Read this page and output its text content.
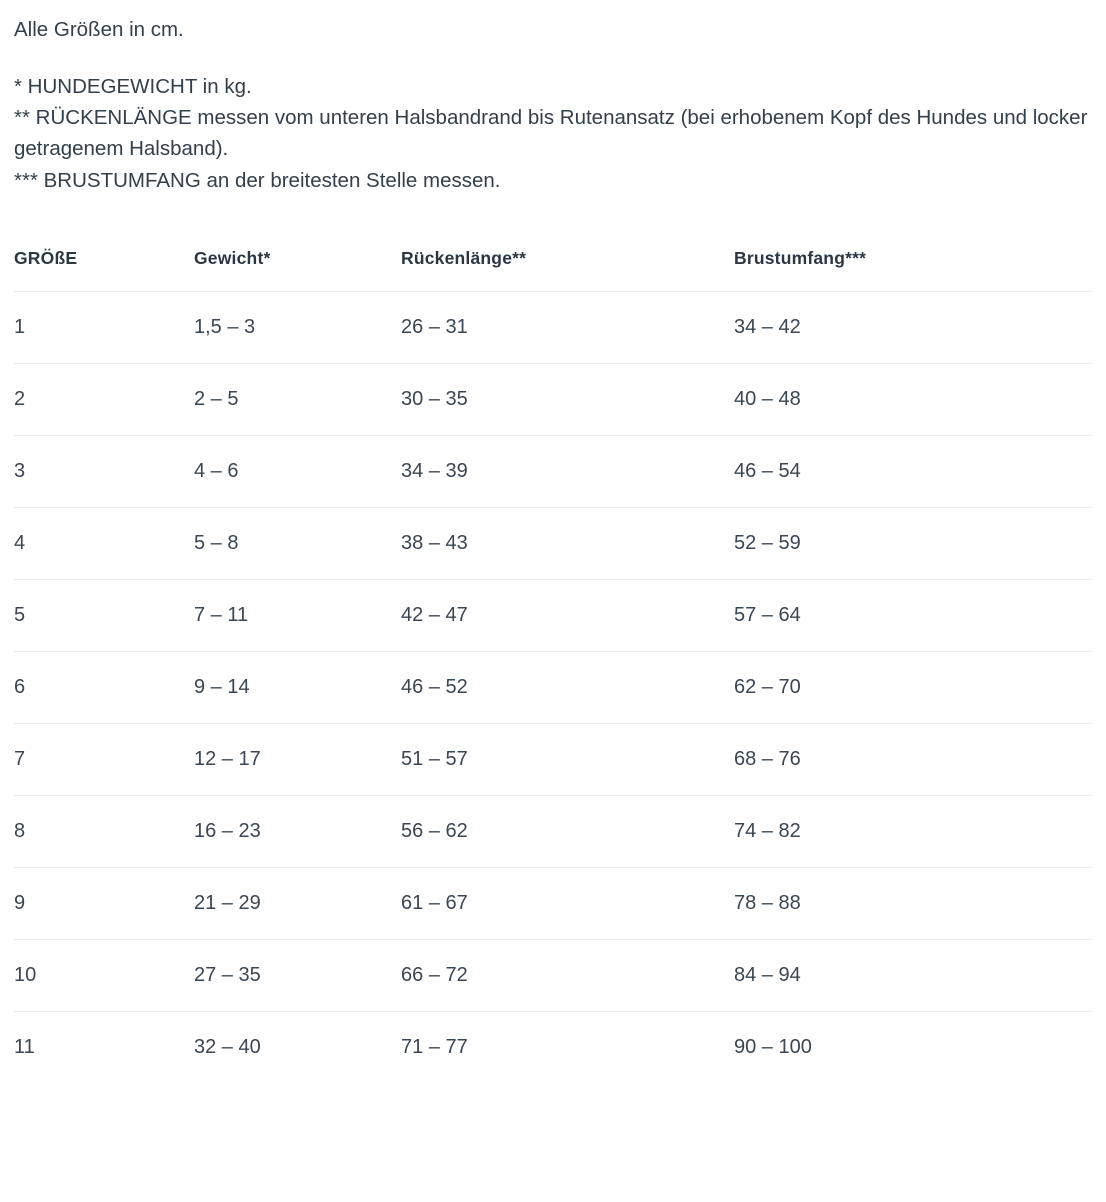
Alle Größen in cm.

* HUNDEGEWICHT in kg.

** RÜCKENLÄNGE messen vom unteren Halsbandrand bis Rutenansatz (bei erhobenem Kopf des Hundes und locker getragenem Halsband).

*** BRUSTUMFANG an der breitesten Stelle messen.

GRÖßE	Gewicht*	Rückenlänge**	Brustumfang***
1	1,5 – 3	26 – 31	34 – 42
2	2 – 5	30 – 35	40 – 48
3	4 – 6	34 – 39	46 – 54
4	5 – 8	38 – 43	52 – 59
5	7 – 11	42 – 47	57 – 64
6	9 – 14	46 – 52	62 – 70
7	12 – 17	51 – 57	68 – 76
8	16 – 23	56 – 62	74 – 82
9	21 – 29	61 – 67	78 – 88
10	27 – 35	66 – 72	84 – 94
11	32 – 40	71 – 77	90 – 100
